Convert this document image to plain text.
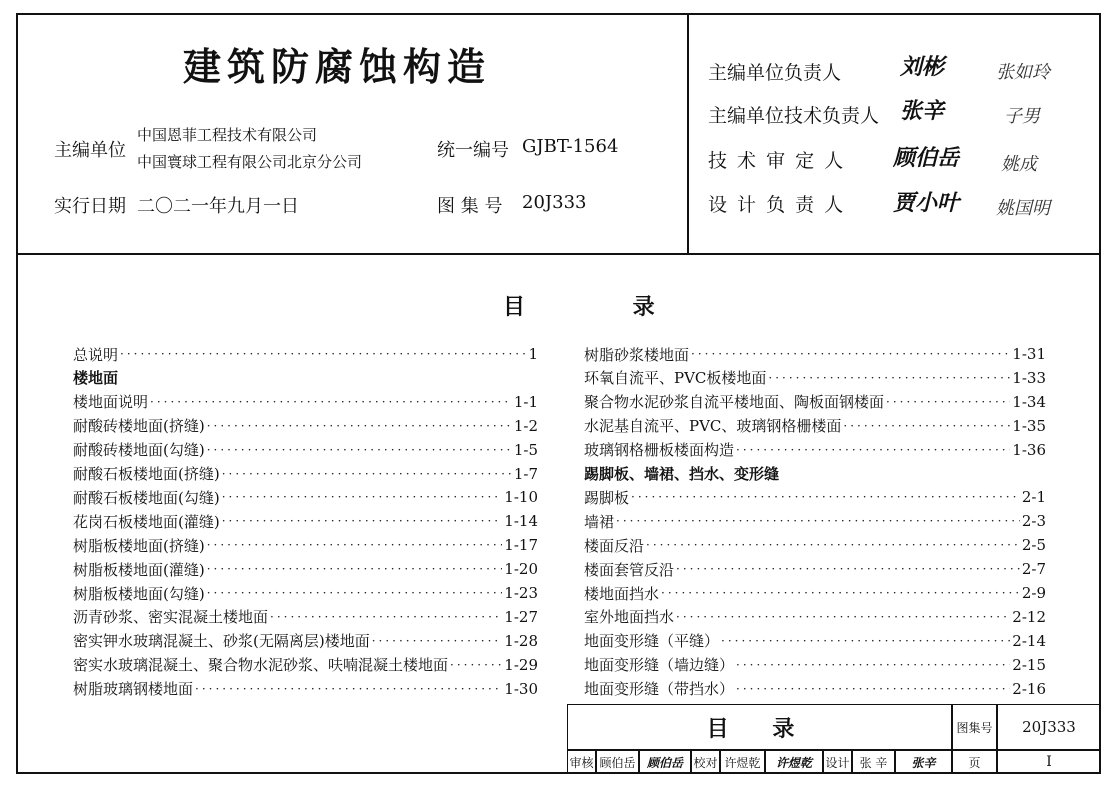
建筑防腐蚀构造
主编单位
中国恩菲工程技术有限公司
中国寰球工程有限公司北京分公司
统一编号 GJBT-1564
实行日期 二〇二一年九月一日	图 集 号 20J333
主编单位负责人	刘彬	张如玲
主编单位技术负责人 张辛	子男
技 术 审 定 人 顾伯岳 姚成
设 计 负 责 人 贾小叶 姚国明
目 录
总说明 ·····	1
楼地面
楼地面说明 ·····	1-1
耐酸砖楼地面(挤缝) ·····	1-2
耐酸砖楼地面(勾缝) ·····	1-5
耐酸石板楼地面(挤缝) ·····	1-7
耐酸石板楼地面(勾缝) ·····	1-10
花岗石板楼地面(灌缝) ·····	1-14
树脂板楼地面(挤缝) ·····	1-17
树脂板楼地面(灌缝) ·····	1-20
树脂板楼地面(勾缝) ·····	1-23
沥青砂浆、密实混凝土楼地面 ·····	1-27
密实钾水玻璃混凝土、砂浆(无隔离层)楼地面 ·····	1-28
密实水玻璃混凝土、聚合物水泥砂浆、呋喃混凝土楼地面 ·····	1-29
树脂玻璃钢楼地面 ·····	1-30
树脂砂浆楼地面 ·····	1-31
环氧自流平、PVC板楼地面 ·····	1-33
聚合物水泥砂浆自流平楼地面、陶板面钢楼面 ·····	1-34
水泥基自流平、PVC、玻璃钢格栅楼面 ·····	1-35
玻璃钢格栅板楼面构造 ·····	1-36
踢脚板、墙裙、挡水、变形缝
踢脚板 ·····	2-1
墙裙 ·····	2-3
楼面反沿 ·····	2-5
楼面套管反沿 ·····	2-7
楼地面挡水 ·····	2-9
室外地面挡水 ·····	2-12
地面变形缝（平缝） ·····	2-14
地面变形缝（墙边缝） ·····	2-15
地面变形缝（带挡水） ·····	2-16
目 录	图集号	20J333
审核 顾伯岳 顾伯岳 校对 许煜乾	许煜乾	设计 张 辛	张辛	页	I
